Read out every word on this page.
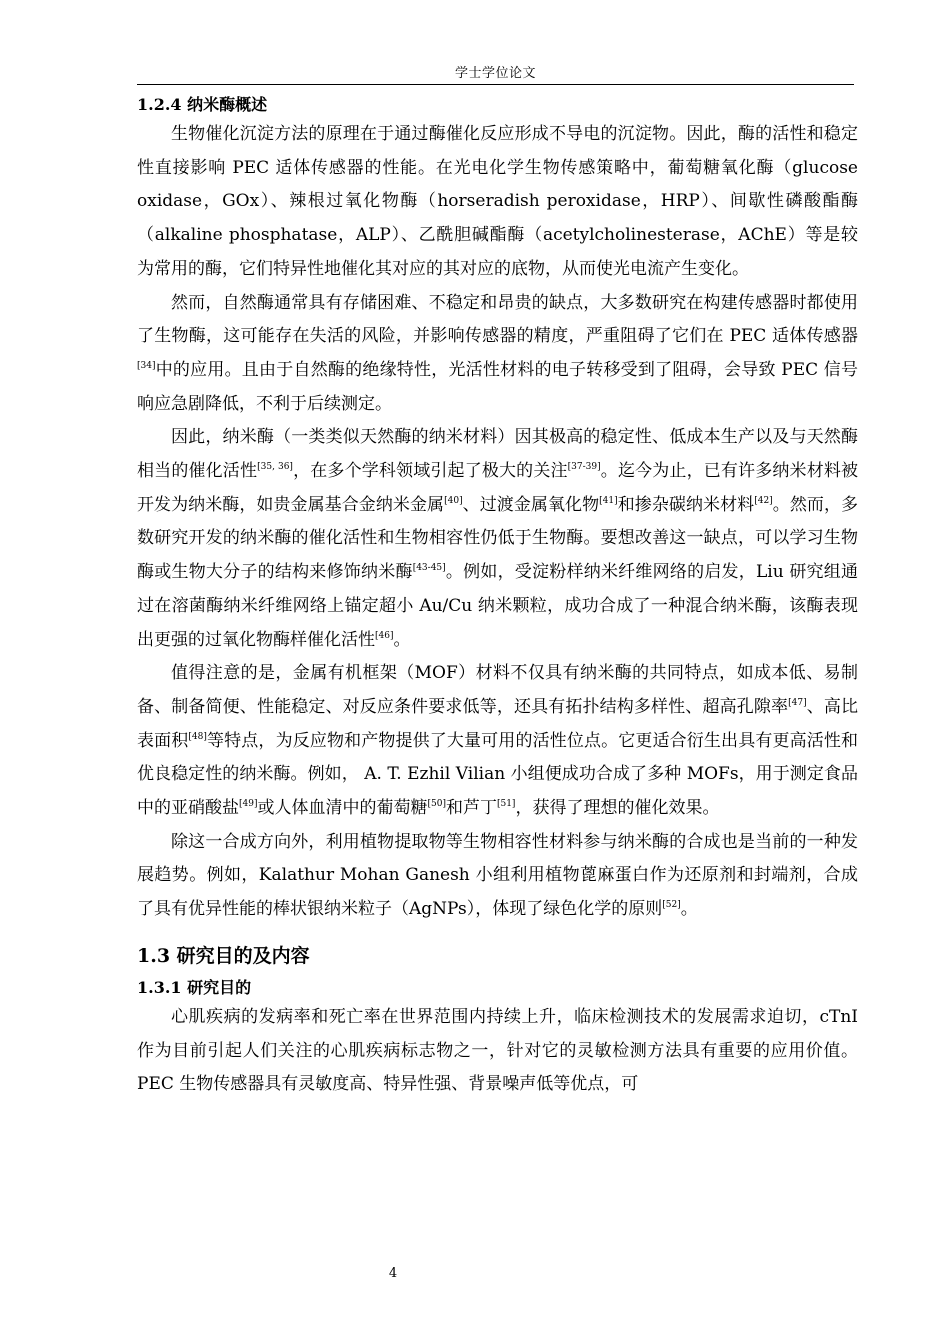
学士学位论文
1.2.4 纳米酶概述

生物催化沉淀方法的原理在于通过酶催化反应形成不导电的沉淀物。因此，酶的活性和稳定性直接影响 PEC 适体传感器的性能。在光电化学生物传感策略中，葡萄糖氧化酶（glucose oxidase，GOx）、辣根过氧化物酶（horseradish peroxidase，HRP）、间歇性磷酸酯酶（alkaline phosphatase，ALP）、乙酰胆碱酯酶（acetylcholinesterase，AChE）等是较为常用的酶，它们特异性地催化其对应的其对应的底物，从而使光电流产生变化。

然而，自然酶通常具有存储困难、不稳定和昂贵的缺点，大多数研究在构建传感器时都使用了生物酶，这可能存在失活的风险，并影响传感器的精度，严重阻碍了它们在 PEC 适体传感器[34]中的应用。且由于自然酶的绝缘特性，光活性材料的电子转移受到了阻碍，会导致 PEC 信号响应急剧降低，不利于后续测定。

因此，纳米酶（一类类似天然酶的纳米材料）因其极高的稳定性、低成本生产以及与天然酶相当的催化活性[35, 36]，在多个学科领域引起了极大的关注[37-39]。迄今为止，已有许多纳米材料被开发为纳米酶，如贵金属基合金纳米金属[40]、过渡金属氧化物[41]和掺杂碳纳米材料[42]。然而，多数研究开发的纳米酶的催化活性和生物相容性仍低于生物酶。要想改善这一缺点，可以学习生物酶或生物大分子的结构来修饰纳米酶[43-45]。例如，受淀粉样纳米纤维网络的启发，Liu 研究组通过在溶菌酶纳米纤维网络上锚定超小 Au/Cu 纳米颗粒，成功合成了一种混合纳米酶，该酶表现出更强的过氧化物酶样催化活性[46]。

值得注意的是，金属有机框架（MOF）材料不仅具有纳米酶的共同特点，如成本低、易制备、制备简便、性能稳定、对反应条件要求低等，还具有拓扑结构多样性、超高孔隙率[47]、高比表面积[48]等特点，为反应物和产物提供了大量可用的活性位点。它更适合衍生出具有更高活性和优良稳定性的纳米酶。例如， A. T. Ezhil Vilian 小组便成功合成了多种 MOFs，用于测定食品中的亚硝酸盐[49]或人体血清中的葡萄糖[50]和芦丁[51]，获得了理想的催化效果。

除这一合成方向外，利用植物提取物等生物相容性材料参与纳米酶的合成也是当前的一种发展趋势。例如，Kalathur Mohan Ganesh 小组利用植物蓖麻蛋白作为还原剂和封端剂，合成了具有优异性能的棒状银纳米粒子（AgNPs），体现了绿色化学的原则[52]。

1.3 研究目的及内容
1.3.1 研究目的

心肌疾病的发病率和死亡率在世界范围内持续上升，临床检测技术的发展需求迫切，cTnI 作为目前引起人们关注的心肌疾病标志物之一，针对它的灵敏检测方法具有重要的应用价值。PEC 生物传感器具有灵敏度高、特异性强、背景噪声低等优点，可

4
